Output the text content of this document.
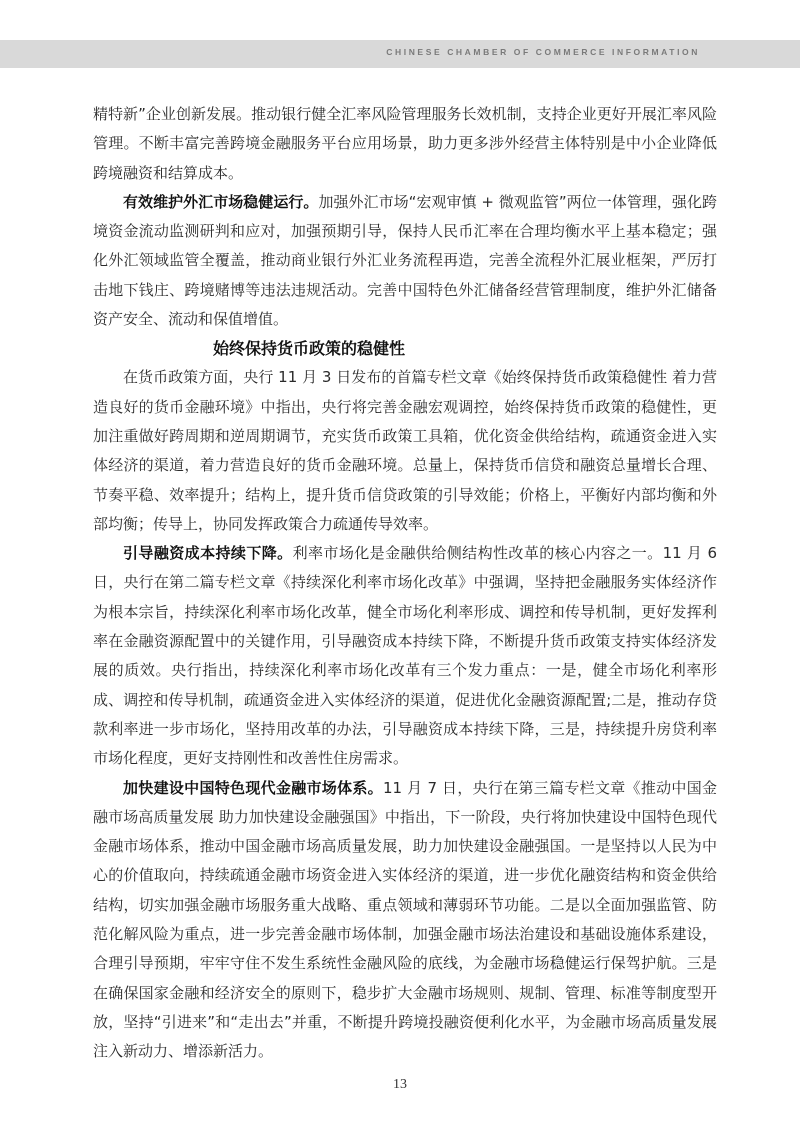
CHINESE CHAMBER OF COMMERCE INFORMATION

精特新”企业创新发展。推动银行健全汇率风险管理服务长效机制，支持企业更好开展汇率风险管理。不断丰富完善跨境金融服务平台应用场景，助力更多涉外经营主体特别是中小企业降低跨境融资和结算成本。

有效维护外汇市场稳健运行。加强外汇市场“宏观审慎 + 微观监管”两位一体管理，强化跨境资金流动监测研判和应对，加强预期引导，保持人民币汇率在合理均衡水平上基本稳定；强化外汇领域监管全覆盖，推动商业银行外汇业务流程再造，完善全流程外汇展业框架，严厉打击地下钱庄、跨境赌博等违法违规活动。完善中国特色外汇储备经营管理制度，维护外汇储备资产安全、流动和保值增值。

始终保持货币政策的稳健性

在货币政策方面，央行 11 月 3 日发布的首篇专栏文章《始终保持货币政策稳健性 着力营造良好的货币金融环境》中指出，央行将完善金融宏观调控，始终保持货币政策的稳健性，更加注重做好跨周期和逆周期调节，充实货币政策工具箱，优化资金供给结构，疏通资金进入实体经济的渠道，着力营造良好的货币金融环境。总量上，保持货币信贷和融资总量增长合理、节奏平稳、效率提升；结构上，提升货币信贷政策的引导效能；价格上，平衡好内部均衡和外部均衡；传导上，协同发挥政策合力疏通传导效率。

引导融资成本持续下降。利率市场化是金融供给侧结构性改革的核心内容之一。11 月 6 日，央行在第二篇专栏文章《持续深化利率市场化改革》中强调，坚持把金融服务实体经济作为根本宗旨，持续深化利率市场化改革，健全市场化利率形成、调控和传导机制，更好发挥利率在金融资源配置中的关键作用，引导融资成本持续下降，不断提升货币政策支持实体经济发展的质效。央行指出，持续深化利率市场化改革有三个发力重点：一是，健全市场化利率形成、调控和传导机制，疏通资金进入实体经济的渠道，促进优化金融资源配置;二是，推动存贷款利率进一步市场化，坚持用改革的办法，引导融资成本持续下降，三是，持续提升房贷利率市场化程度，更好支持刚性和改善性住房需求。

加快建设中国特色现代金融市场体系。11 月 7 日，央行在第三篇专栏文章《推动中国金融市场高质量发展 助力加快建设金融强国》中指出，下一阶段，央行将加快建设中国特色现代金融市场体系，推动中国金融市场高质量发展，助力加快建设金融强国。一是坚持以人民为中心的价值取向，持续疏通金融市场资金进入实体经济的渠道，进一步优化融资结构和资金供给结构，切实加强金融市场服务重大战略、重点领域和薄弱环节功能。二是以全面加强监管、防范化解风险为重点，进一步完善金融市场体制，加强金融市场法治建设和基础设施体系建设，合理引导预期，牢牢守住不发生系统性金融风险的底线，为金融市场稳健运行保驾护航。三是在确保国家金融和经济安全的原则下，稳步扩大金融市场规则、规制、管理、标准等制度型开放，坚持“引进来”和“走出去”并重，不断提升跨境投融资便利化水平，为金融市场高质量发展注入新动力、增添新活力。

13
